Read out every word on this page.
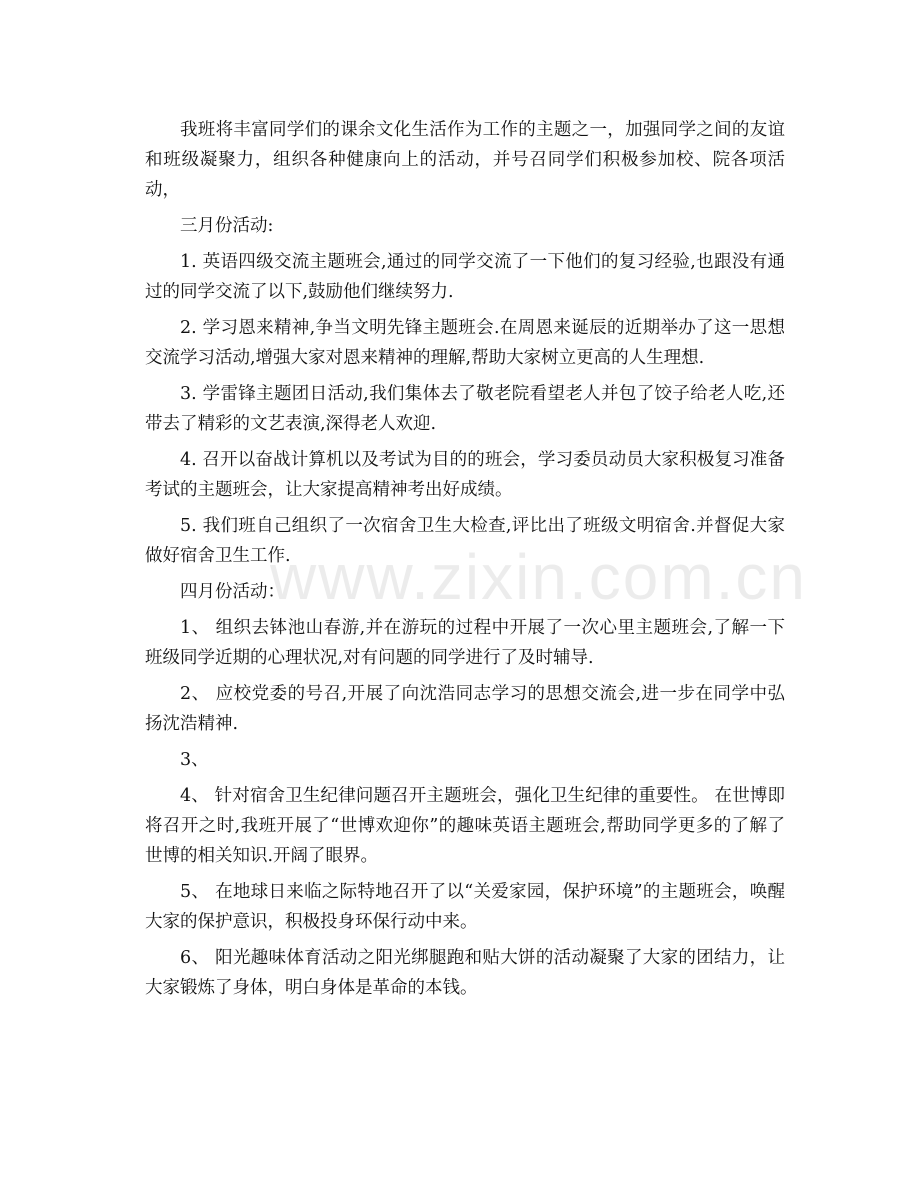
我班将丰富同学们的课余文化生活作为工作的主题之一，加强同学之间的友谊和班级凝聚力，组织各种健康向上的活动，并号召同学们积极参加校、院各项活动，

三月份活动:

1. 英语四级交流主题班会,通过的同学交流了一下他们的复习经验,也跟没有通过的同学交流了以下,鼓励他们继续努力.

2. 学习恩来精神,争当文明先锋主题班会.在周恩来诞辰的近期举办了这一思想交流学习活动,增强大家对恩来精神的理解,帮助大家树立更高的人生理想.

3. 学雷锋主题团日活动,我们集体去了敬老院看望老人并包了饺子给老人吃,还带去了精彩的文艺表演,深得老人欢迎.

4. 召开以奋战计算机以及考试为目的的班会，学习委员动员大家积极复习准备考试的主题班会，让大家提高精神考出好成绩。

5. 我们班自己组织了一次宿舍卫生大检查,评比出了班级文明宿舍.并督促大家做好宿舍卫生工作.

四月份活动：

1、 组织去钵池山春游,并在游玩的过程中开展了一次心里主题班会,了解一下班级同学近期的心理状况,对有问题的同学进行了及时辅导.

2、 应校党委的号召,开展了向沈浩同志学习的思想交流会,进一步在同学中弘扬沈浩精神.

3、

4、 针对宿舍卫生纪律问题召开主题班会，强化卫生纪律的重要性。 在世博即将召开之时,我班开展了“世博欢迎你”的趣味英语主题班会,帮助同学更多的了解了世博的相关知识.开阔了眼界。

5、 在地球日来临之际特地召开了以“关爱家园，保护环境”的主题班会，唤醒大家的保护意识，积极投身环保行动中来。

6、 阳光趣味体育活动之阳光绑腿跑和贴大饼的活动凝聚了大家的团结力，让大家锻炼了身体，明白身体是革命的本钱。

www.zixin.com.cn
